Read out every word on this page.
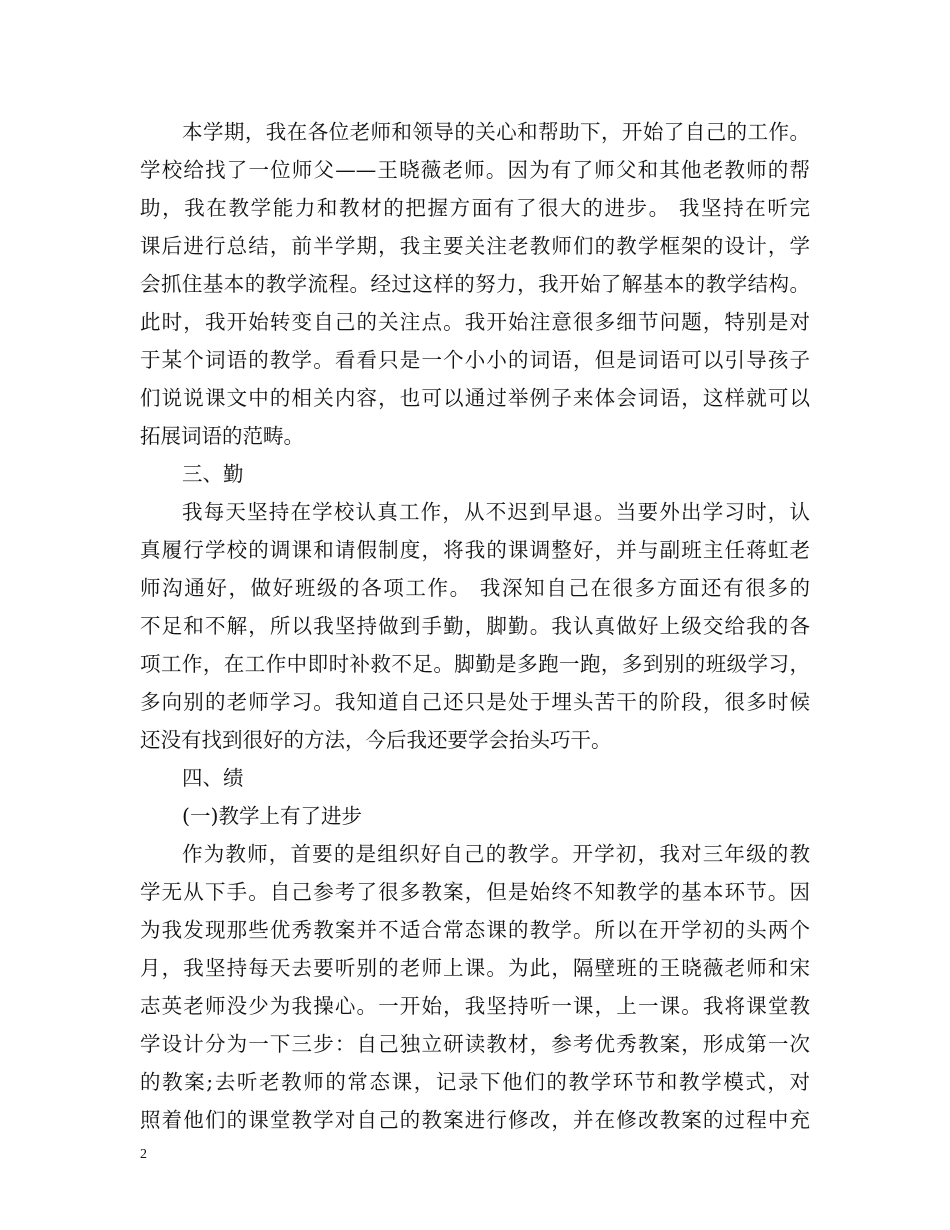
本学期，我在各位老师和领导的关心和帮助下，开始了自己的工作。
学校给找了一位师父——王晓薇老师。因为有了师父和其他老教师的帮
助，我在教学能力和教材的把握方面有了很大的进步。 我坚持在听完
课后进行总结，前半学期，我主要关注老教师们的教学框架的设计，学
会抓住基本的教学流程。经过这样的努力，我开始了解基本的教学结构。
此时，我开始转变自己的关注点。我开始注意很多细节问题，特别是对
于某个词语的教学。看看只是一个小小的词语，但是词语可以引导孩子
们说说课文中的相关内容，也可以通过举例子来体会词语，这样就可以
拓展词语的范畴。
三、勤
我每天坚持在学校认真工作，从不迟到早退。当要外出学习时，认
真履行学校的调课和请假制度，将我的课调整好，并与副班主任蒋虹老
师沟通好，做好班级的各项工作。 我深知自己在很多方面还有很多的
不足和不解，所以我坚持做到手勤，脚勤。我认真做好上级交给我的各
项工作，在工作中即时补救不足。脚勤是多跑一跑，多到别的班级学习，
多向别的老师学习。我知道自己还只是处于埋头苦干的阶段，很多时候
还没有找到很好的方法，今后我还要学会抬头巧干。
四、绩
(一)教学上有了进步
作为教师，首要的是组织好自己的教学。开学初，我对三年级的教
学无从下手。自己参考了很多教案，但是始终不知教学的基本环节。因
为我发现那些优秀教案并不适合常态课的教学。所以在开学初的头两个
月，我坚持每天去要听别的老师上课。为此，隔壁班的王晓薇老师和宋
志英老师没少为我操心。一开始，我坚持听一课，上一课。我将课堂教
学设计分为一下三步：自己独立研读教材，参考优秀教案，形成第一次
的教案;去听老教师的常态课，记录下他们的教学环节和教学模式，对
照着他们的课堂教学对自己的教案进行修改，并在修改教案的过程中充
2
